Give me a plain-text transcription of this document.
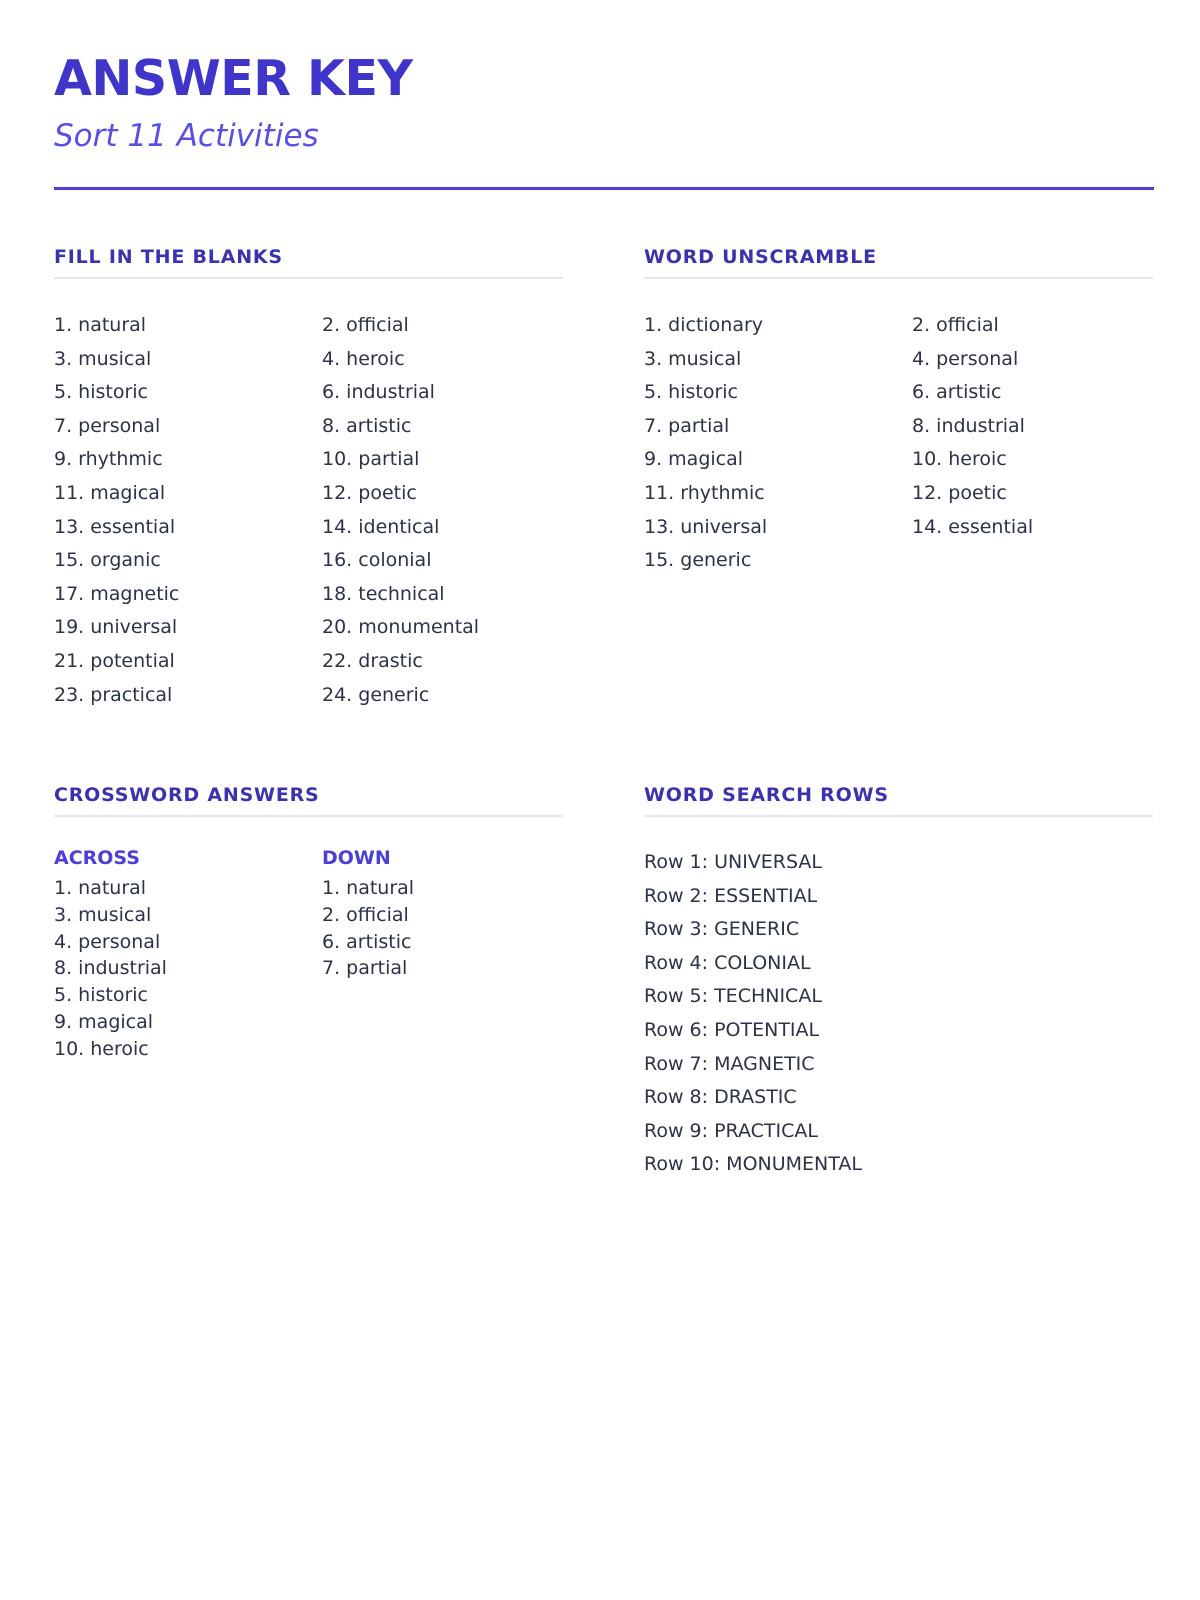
ANSWER KEY
Sort 11 Activities
FILL IN THE BLANKS
1. natural	2. official
3. musical	4. heroic
5. historic	6. industrial
7. personal	8. artistic
9. rhythmic	10. partial
11. magical	12. poetic
13. essential	14. identical
15. organic	16. colonial
17. magnetic	18. technical
19. universal	20. monumental
21. potential	22. drastic
23. practical	24. generic
WORD UNSCRAMBLE
1. dictionary	2. official
3. musical	4. personal
5. historic	6. artistic
7. partial	8. industrial
9. magical	10. heroic
11. rhythmic	12. poetic
13. universal	14. essential
15. generic
CROSSWORD ANSWERS
ACROSS
1. natural
3. musical
4. personal
8. industrial
5. historic
9. magical
10. heroic
DOWN
1. natural
2. official
6. artistic
7. partial
WORD SEARCH ROWS
Row 1: UNIVERSAL
Row 2: ESSENTIAL
Row 3: GENERIC
Row 4: COLONIAL
Row 5: TECHNICAL
Row 6: POTENTIAL
Row 7: MAGNETIC
Row 8: DRASTIC
Row 9: PRACTICAL
Row 10: MONUMENTAL
